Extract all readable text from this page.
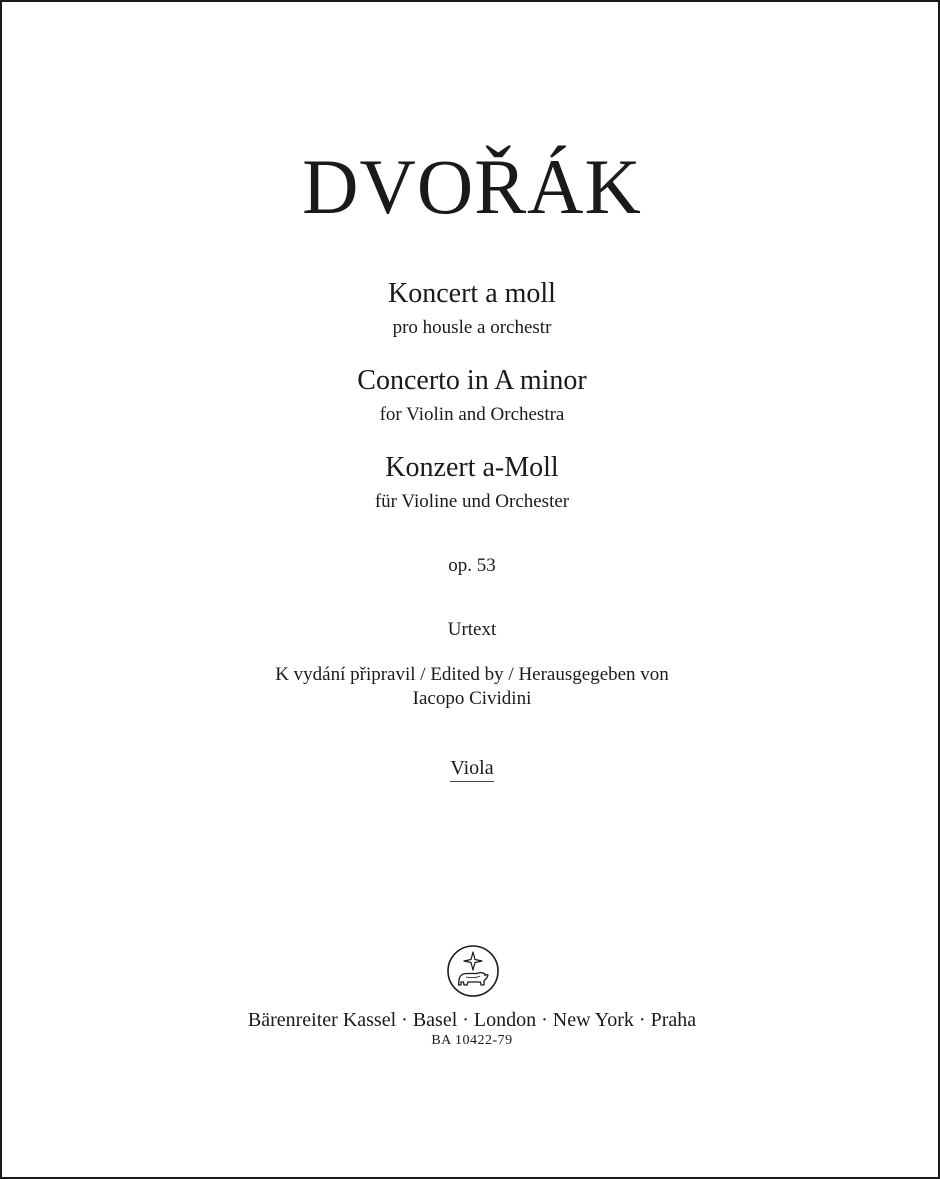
DVOŘÁK
Koncert a moll
pro housle a orchestr
Concerto in A minor
for Violin and Orchestra
Konzert a-Moll
für Violine und Orchester
op. 53
Urtext
K vydání připravil / Edited by / Herausgegeben von
Iacopo Cividini
Viola
Bärenreiter Kassel · Basel · London · New York · Praha
BA 10422-79
